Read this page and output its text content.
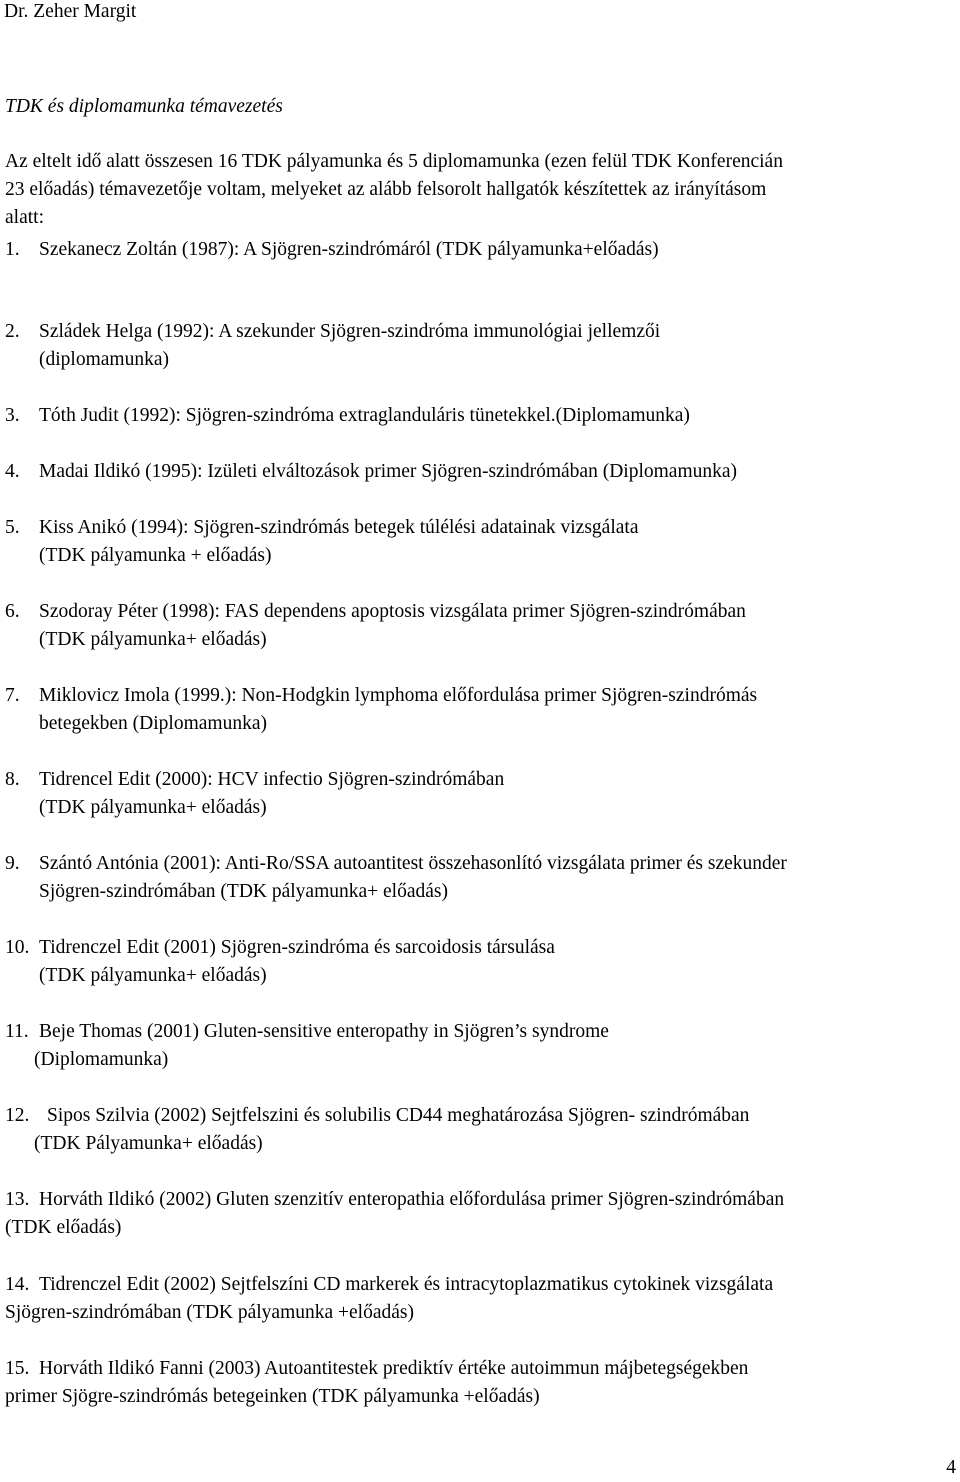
Dr. Zeher Margit
TDK és diplomamunka témavezetés
Az eltelt idő alatt összesen 16 TDK pályamunka és 5 diplomamunka (ezen felül TDK Konferencián
23 előadás) témavezetője voltam, melyeket az alább felsorolt hallgatók készítettek az irányításom
alatt:
1. Szekanecz Zoltán (1987): A Sjögren-szindrómáról (TDK pályamunka+előadás)
2. Szládek Helga (1992): A szekunder Sjögren-szindróma immunológiai jellemzői
(diplomamunka)
3. Tóth Judit (1992): Sjögren-szindróma extraglanduláris tünetekkel.(Diplomamunka)
4. Madai Ildikó (1995): Izületi elváltozások primer Sjögren-szindrómában (Diplomamunka)
5. Kiss Anikó (1994): Sjögren-szindrómás betegek túlélési adatainak vizsgálata
(TDK pályamunka + előadás)
6. Szodoray Péter (1998): FAS dependens apoptosis vizsgálata primer Sjögren-szindrómában
(TDK pályamunka+ előadás)
7. Miklovicz Imola (1999.): Non-Hodgkin lymphoma előfordulása primer Sjögren-szindrómás
betegekben (Diplomamunka)
8. Tidrencel Edit (2000): HCV infectio Sjögren-szindrómában
(TDK pályamunka+ előadás)
9. Szántó Antónia (2001): Anti-Ro/SSA autoantitest összehasonlító vizsgálata primer és szekunder
Sjögren-szindrómában (TDK pályamunka+ előadás)
10. Tidrenczel Edit (2001) Sjögren-szindróma és sarcoidosis társulása
(TDK pályamunka+ előadás)
11. Beje Thomas (2001) Gluten-sensitive enteropathy in Sjögren’s syndrome
(Diplomamunka)
12. Sipos Szilvia (2002) Sejtfelszini és solubilis CD44 meghatározása Sjögren- szindrómában
(TDK Pályamunka+ előadás)
13. Horváth Ildikó (2002) Gluten szenzitív enteropathia előfordulása primer Sjögren-szindrómában
(TDK előadás)
14. Tidrenczel Edit (2002) Sejtfelszíni CD markerek és intracytoplazmatikus cytokinek vizsgálata
Sjögren-szindrómában (TDK pályamunka +előadás)
15. Horváth Ildikó Fanni (2003) Autoantitestek prediktív értéke autoimmun májbetegségekben
primer Sjögre-szindrómás betegeinken (TDK pályamunka +előadás)
4
